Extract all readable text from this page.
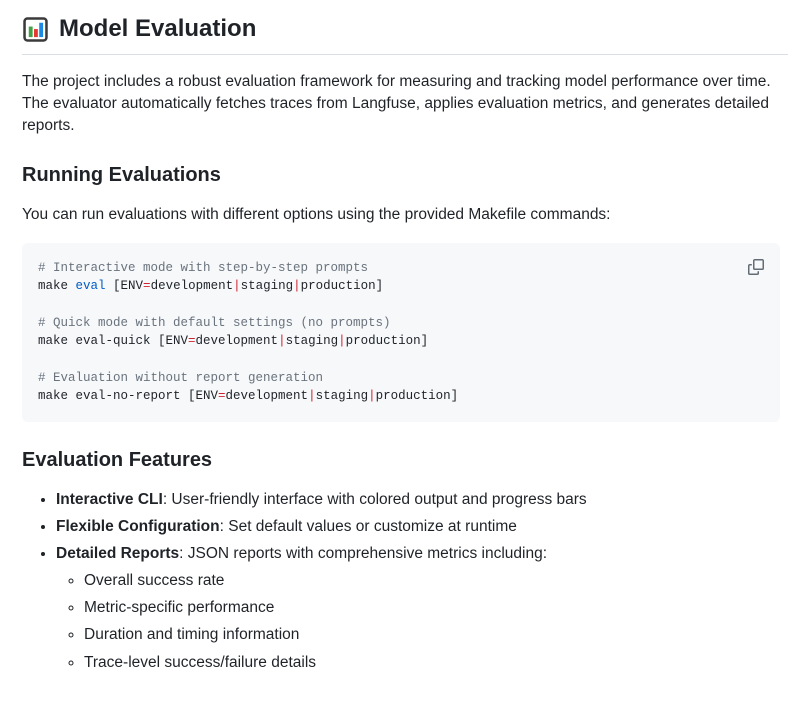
Model Evaluation

The project includes a robust evaluation framework for measuring and tracking model performance over time. The evaluator automatically fetches traces from Langfuse, applies evaluation metrics, and generates detailed reports.

Running Evaluations

You can run evaluations with different options using the provided Makefile commands:

# Interactive mode with step-by-step prompts
make eval [ENV=development|staging|production]

# Quick mode with default settings (no prompts)
make eval-quick [ENV=development|staging|production]

# Evaluation without report generation
make eval-no-report [ENV=development|staging|production]
Evaluation Features
• Interactive CLI: User-friendly interface with colored output and progress bars
• Flexible Configuration: Set default values or customize at runtime
• Detailed Reports: JSON reports with comprehensive metrics including:
◦ Overall success rate
◦ Metric-specific performance
◦ Duration and timing information
◦ Trace-level success/failure details
